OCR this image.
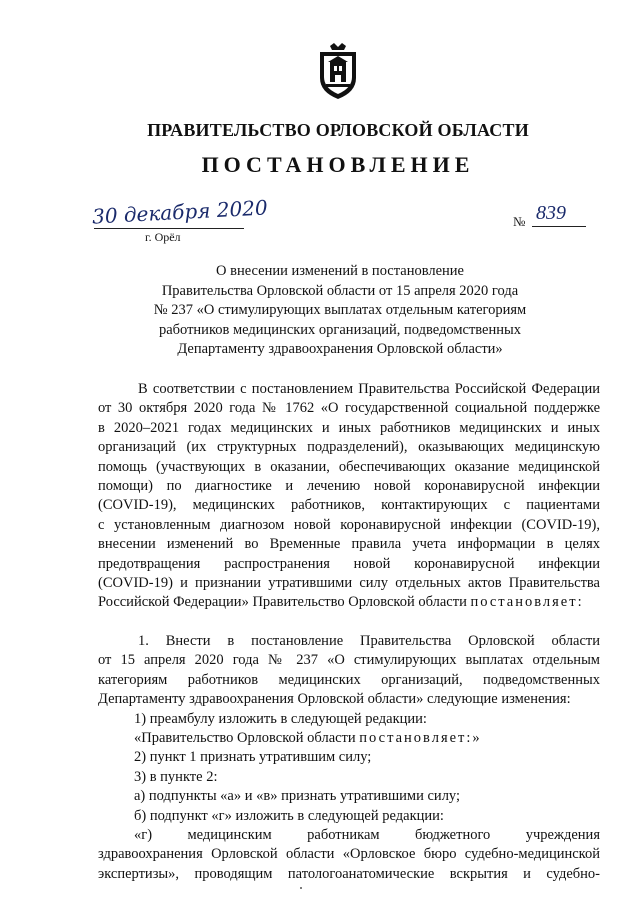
ПРАВИТЕЛЬСТВО ОРЛОВСКОЙ ОБЛАСТИ
ПОСТАНОВЛЕНИЕ
30 декабря 2020
г. Орёл
№ 839
О внесении изменений в постановление
Правительства Орловской области от 15 апреля 2020 года
№ 237 «О стимулирующих выплатах отдельным категориям
работников медицинских организаций, подведомственных
Департаменту здравоохранения Орловской области»
В соответствии с постановлением Правительства Российской Федерации
от 30 октября 2020 года № 1762 «О государственной социальной поддержке
в 2020–2021 годах медицинских и иных работников медицинских и иных
организаций (их структурных подразделений), оказывающих медицинскую
помощь (участвующих в оказании, обеспечивающих оказание медицинской
помощи) по диагностике и лечению новой коронавирусной инфекции
(COVID-19), медицинских работников, контактирующих с пациентами
с установленным диагнозом новой коронавирусной инфекции (COVID-19),
внесении изменений во Временные правила учета информации в целях
предотвращения распространения новой коронавирусной инфекции
(COVID-19) и признании утратившими силу отдельных актов Правительства
Российской Федерации» Правительство Орловской области постановляет:
1. Внести в постановление Правительства Орловской области
от 15 апреля 2020 года № 237 «О стимулирующих выплатах отдельным
категориям работников медицинских организаций, подведомственных
Департаменту здравоохранения Орловской области» следующие изменения:
1) преамбулу изложить в следующей редакции:
«Правительство Орловской области постановляет:»
2) пункт 1 признать утратившим силу;
3) в пункте 2:
а) подпункты «а» и «в» признать утратившими силу;
б) подпункт «г» изложить в следующей редакции:
«г) медицинским работникам бюджетного учреждения
здравоохранения Орловской области «Орловское бюро судебно-медицинской
экспертизы», проводящим патологоанатомические вскрытия и судебно-
